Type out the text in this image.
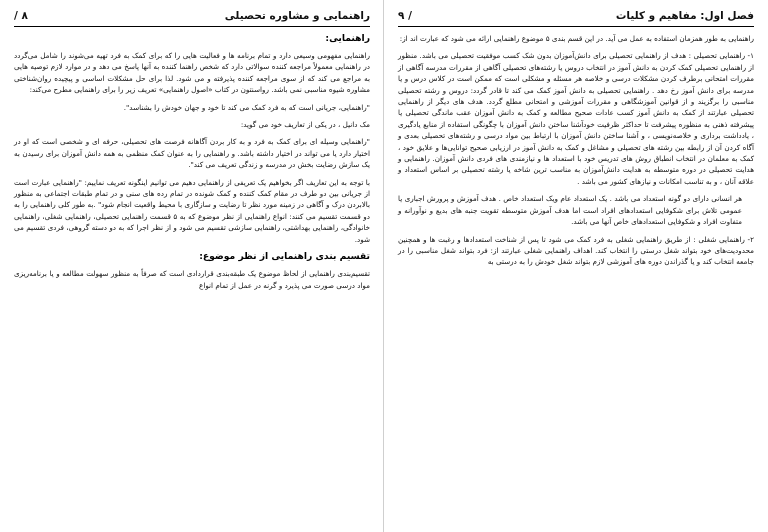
راهنمایی و مشاوره تحصیلی
۸ /
راهنمایی:

راهنمایی مفهومی وسیعی دارد و تمام برنامه ها و فعالیت هایی را که برای کمک به فرد تهیه می‌شوند را شامل می‌گردد در راهنمایی معمولاً مراجعه کننده سوالاتی دارد که شخص راهنما کننده به آنها پاسخ می دهد و در موارد لازم توصیه هایی به مراجع می کند که از سوی مراجعه کننده پذیرفته و می شود. لذا برای حل مشکلات اساسی و پیچیده روان‌شناختی مشاوره شیوه مناسبی نمی باشد. رواسنتون در کتاب «اصول راهنمایی» تعریف زیر را برای راهنمایی مطرح می‌کند:

"راهنمایی، جریانی است که به فرد کمک می کند تا خود و جهان خودش را بشناسد".

مک دانیل ، در یکی از تعاریف خود می گوید:

"راهنمایی وسیله ای برای کمک به فرد و به کار بردن آگاهانه فرصت های تحصیلی، حرفه ای و شخصی است که او در اختیار دارد یا می تواند در اختیار داشته باشد. و راهنمایی را به عنوان کمک منظمی به همه دانش آموزان برای رسیدن به یک سازش رضایت بخش در مدرسه و زندگی تعریف می کند".

با توجه به این تعاریف اگر بخواهیم یک تعریفی از راهنمایی دهیم می توانیم اینگونه تعریف نماییم: "راهنمایی عبارت است از جریانی بین دو طرف در مقام کمک کننده و کمک شونده در تمام رده های سنی و در تمام طبقات اجتماعی به منظور بالابردن درک و آگاهی در زمینه مورد نظر تا رضایت و سازگاری با محیط واقعیت انجام شود" .به طور کلی راهنمایی را به دو قسمت تقسیم می کنند: انواع راهنمایی از نظر موضوع که به ۵ قسمت راهنمایی تحصیلی، راهنمایی شغلی، راهنمایی خانوادگی، راهنمایی بهداشتی، راهنمایی سازشی تقسیم می شود و از نظر اجرا که به دو دسته گروهی، فردی تقسیم می شود.

تقسیم بندی راهنمایی از نظر موضوع:

تقسیم‌بندی راهنمایی از لحاظ موضوع یک طبقه‌بندی قراردادی است که صرفاً به منظور سهولت مطالعه و یا برنامه‌ریزی مواد درسی صورت می پذیرد و گرنه در عمل از تمام انواع

فصل اول: مفاهیم و کلیات
/ ۹

راهنمایی به طور همزمان استفاده به عمل می آید. در این قسم بندی ۵ موضوع راهنمایی ارائه می شود که عبارت اند از:

۱- راهنمایی تحصیلی : هدف از راهنمایی تحصیلی برای دانش‌آموزان بدون شک کسب موفقیت تحصیلی می باشد. منظور از راهنمایی تحصیلی کمک کردن به دانش آموز در انتخاب دروس یا رشته‌های تحصیلی آگاهی از مقررات مدرسه آگاهی از مقررات امتحانی برطرف کردن مشکلات درسی و خلاصه هر مسئله و مشکلی است که ممکن است در کلاس درس و یا مدرسه برای دانش آموز رخ دهد . راهنمایی تحصیلی به دانش آموز کمک می کند تا قادر گردد: دروس و رشته تحصیلی مناسبی را برگزیند و از قوانین آموزشگاهی و مقررات آموزشی و امتحانی مطلع گردد. هدف های دیگر از راهنمایی تحصیلی عبارتند از کمک به دانش آموز کسب عادات صحیح مطالعه و کمک به دانش آموزان عقب ماندگی تحصیلی یا پیشرفته ذهنی به منظوره پیشرفت تا حداکثر ظرفیت خود‌آشنا ساختن دانش آموزان با چگونگی استفاده از منابع یادگیری ، یادداشت برداری و خلاصه‌نویسی ، و آشنا ساختن دانش آموزان با ارتباط بین مواد درسی و رشته‌های تحصیلی بعدی و آگاه کردن آن از رابطه بین رشته های تحصیلی و مشاغل و کمک به دانش آموز در ارزیابی صحیح توانایی‌ها و علایق خود ، کمک به معلمان در انتخاب انطباق روش های تدریس خود با استعداد ها و نیازمندی های فردی دانش آموزان. راهنمایی و هدایت تحصیلی در دوره متوسطه به هدایت دانش‌آموزان به مناسب ترین شاخه یا رشته تحصیلی بر اساس استعداد و علاقه آنان ، و به تناسب امکانات و نیازهای کشور می باشد .

هر انسانی دارای دو گونه استعداد می باشد . یک استعداد عام ویک استعداد خاص . هدف آموزش و پرورش اجباری یا عمومی تلاش برای شکوفایی استعدادهای افراد است اما هدف آموزش متوسطه تقویت جنبه های بدیع و نوآورانه و متفاوت افراد و شکوفایی استعدادهای خاص آنها می باشد.

۲- راهنمایی شغلی : از طریق راهنمایی شغلی به فرد کمک می شود تا پس از شناخت استعدادها و رغبت ها و همچنین محدودیت‌های خود بتواند شغل درستی را انتخاب کند. اهداف راهنمایی شغلی عبارتند از: فرد بتواند شغل مناسبی را در جامعه انتخاب کند و یا گذراندن دوره های آموزشی لازم بتواند شغل خودش را به درستی به
